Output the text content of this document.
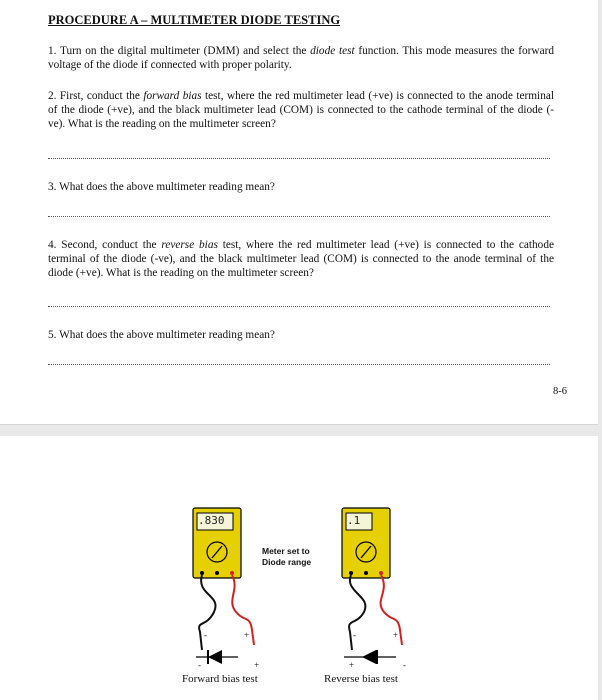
PROCEDURE A – MULTIMETER DIODE TESTING
1. Turn on the digital multimeter (DMM) and select the diode test function. This mode measures the forward voltage of the diode if connected with proper polarity.
2. First, conduct the forward bias test, where the red multimeter lead (+ve) is connected to the anode terminal of the diode (+ve), and the black multimeter lead (COM) is connected to the cathode terminal of the diode (-ve). What is the reading on the multimeter screen?
3. What does the above multimeter reading mean?
4. Second, conduct the reverse bias test, where the red multimeter lead (+ve) is connected to the cathode terminal of the diode (-ve), and the black multimeter lead (COM) is connected to the anode terminal of the diode (+ve). What is the reading on the multimeter screen?
5. What does the above multimeter reading mean?
8-6
.830	.1
Meter set to
Diode range
-	+
-	+
-	+
+	-
Forward bias test	Reverse bias test
